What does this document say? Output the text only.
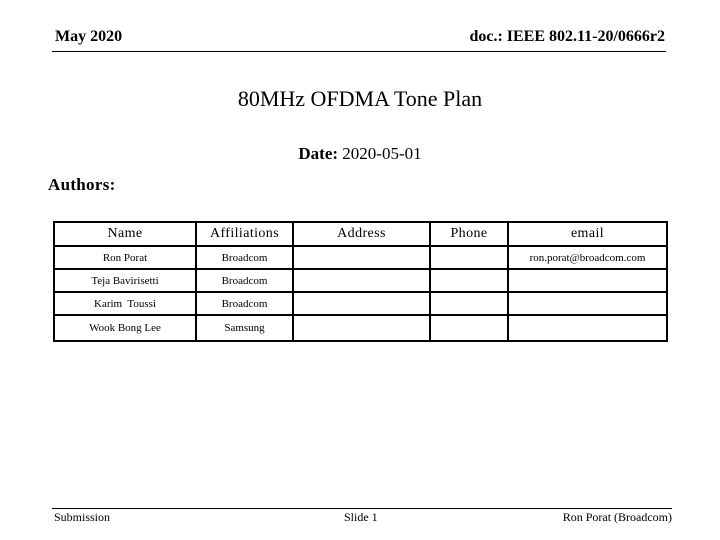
May 2020	doc.: IEEE 802.11-20/0666r2
80MHz OFDMA Tone Plan
Date: 2020-05-01
Authors:
Name	Affiliations	Address	Phone	email
Ron Porat	Broadcom			ron.porat@broadcom.com
Teja Bavirisetti	Broadcom			
Karim  Toussi	Broadcom			
Wook Bong Lee	Samsung			
Submission	Slide 1	Ron Porat (Broadcom)
